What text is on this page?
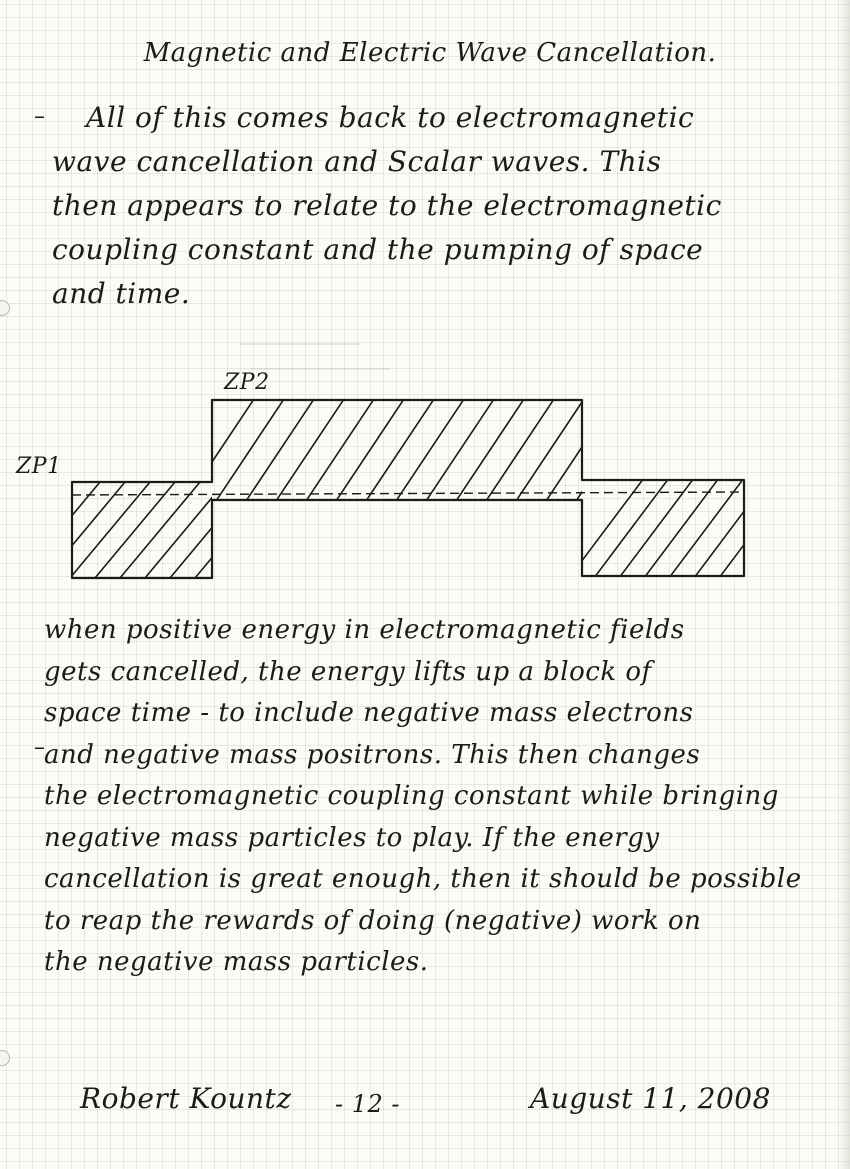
Magnetic and Electric Wave Cancellation.
–	All of this comes back to electromagnetic
wave cancellation and Scalar waves. This
then appears to relate to the electromagnetic
coupling constant and the pumping of space
and time.
ZP2
ZP1
–
when positive energy in electromagnetic fields
gets cancelled, the energy lifts up a block of
space time - to include negative mass electrons
and negative mass positrons. This then changes
the electromagnetic coupling constant while bringing
negative mass particles to play. If the energy
cancellation is great enough, then it should be possible
to reap the rewards of doing (negative) work on
the negative mass particles.
Robert Kountz - 12 -	August 11, 2008
